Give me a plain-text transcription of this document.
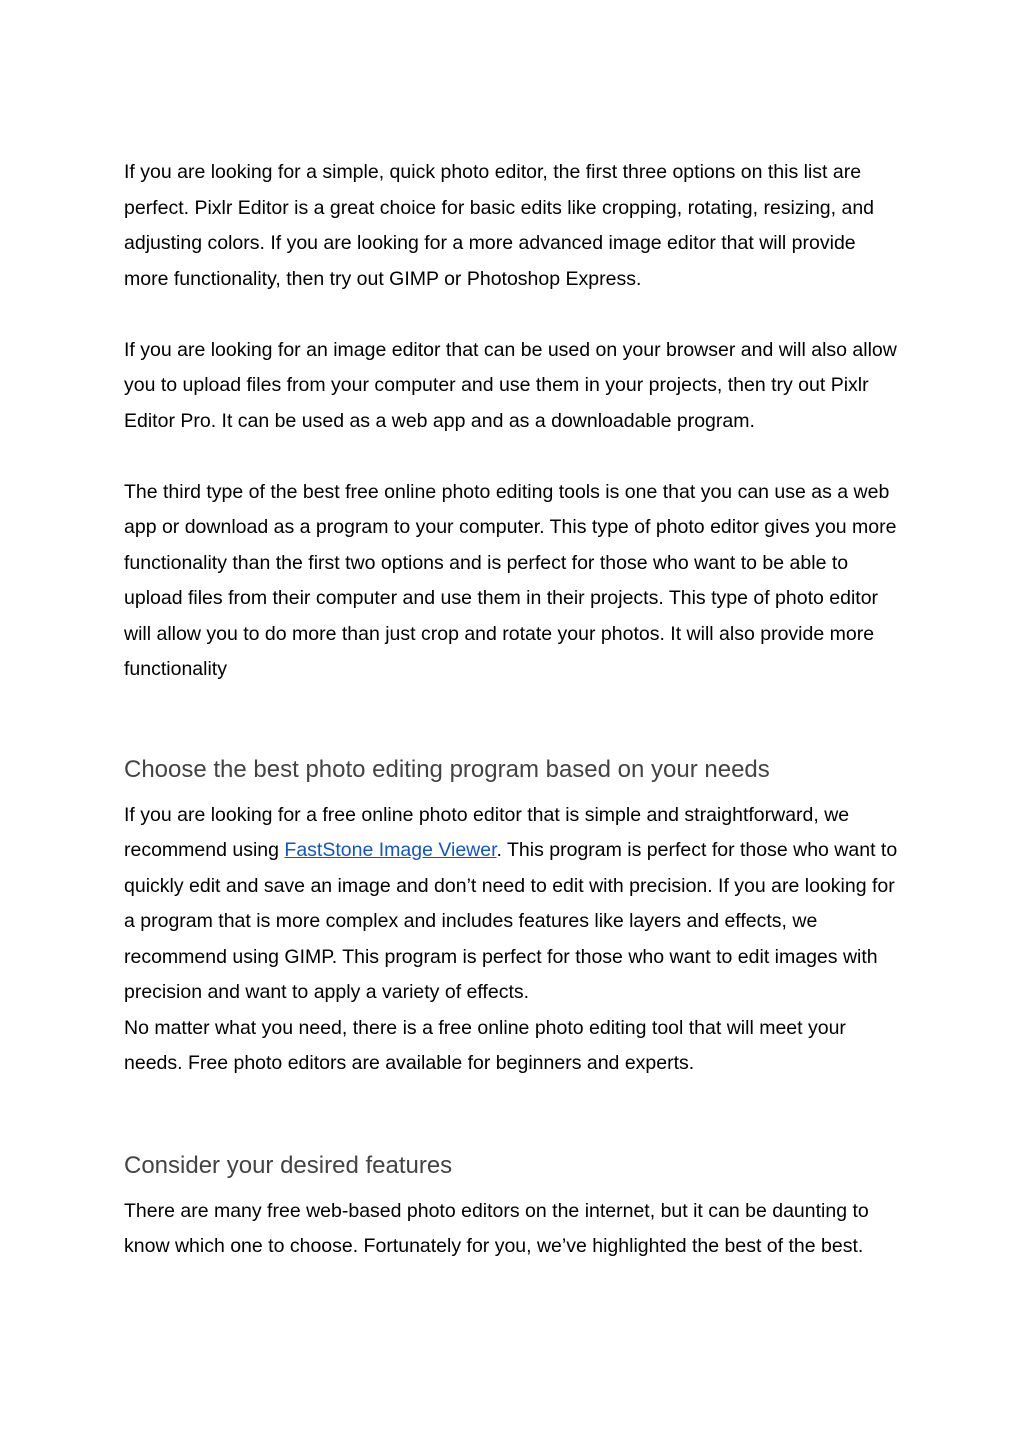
If you are looking for a simple, quick photo editor, the first three options on this list are perfect. Pixlr Editor is a great choice for basic edits like cropping, rotating, resizing, and adjusting colors. If you are looking for a more advanced image editor that will provide more functionality, then try out GIMP or Photoshop Express.

If you are looking for an image editor that can be used on your browser and will also allow you to upload files from your computer and use them in your projects, then try out Pixlr Editor Pro. It can be used as a web app and as a downloadable program.

The third type of the best free online photo editing tools is one that you can use as a web app or download as a program to your computer. This type of photo editor gives you more functionality than the first two options and is perfect for those who want to be able to upload files from their computer and use them in their projects. This type of photo editor will allow you to do more than just crop and rotate your photos. It will also provide more functionality

Choose the best photo editing program based on your needs

If you are looking for a free online photo editor that is simple and straightforward, we recommend using FastStone Image Viewer. This program is perfect for those who want to quickly edit and save an image and don’t need to edit with precision. If you are looking for a program that is more complex and includes features like layers and effects, we recommend using GIMP. This program is perfect for those who want to edit images with precision and want to apply a variety of effects.

No matter what you need, there is a free online photo editing tool that will meet your needs. Free photo editors are available for beginners and experts.

Consider your desired features

There are many free web-based photo editors on the internet, but it can be daunting to know which one to choose. Fortunately for you, we’ve highlighted the best of the best.
